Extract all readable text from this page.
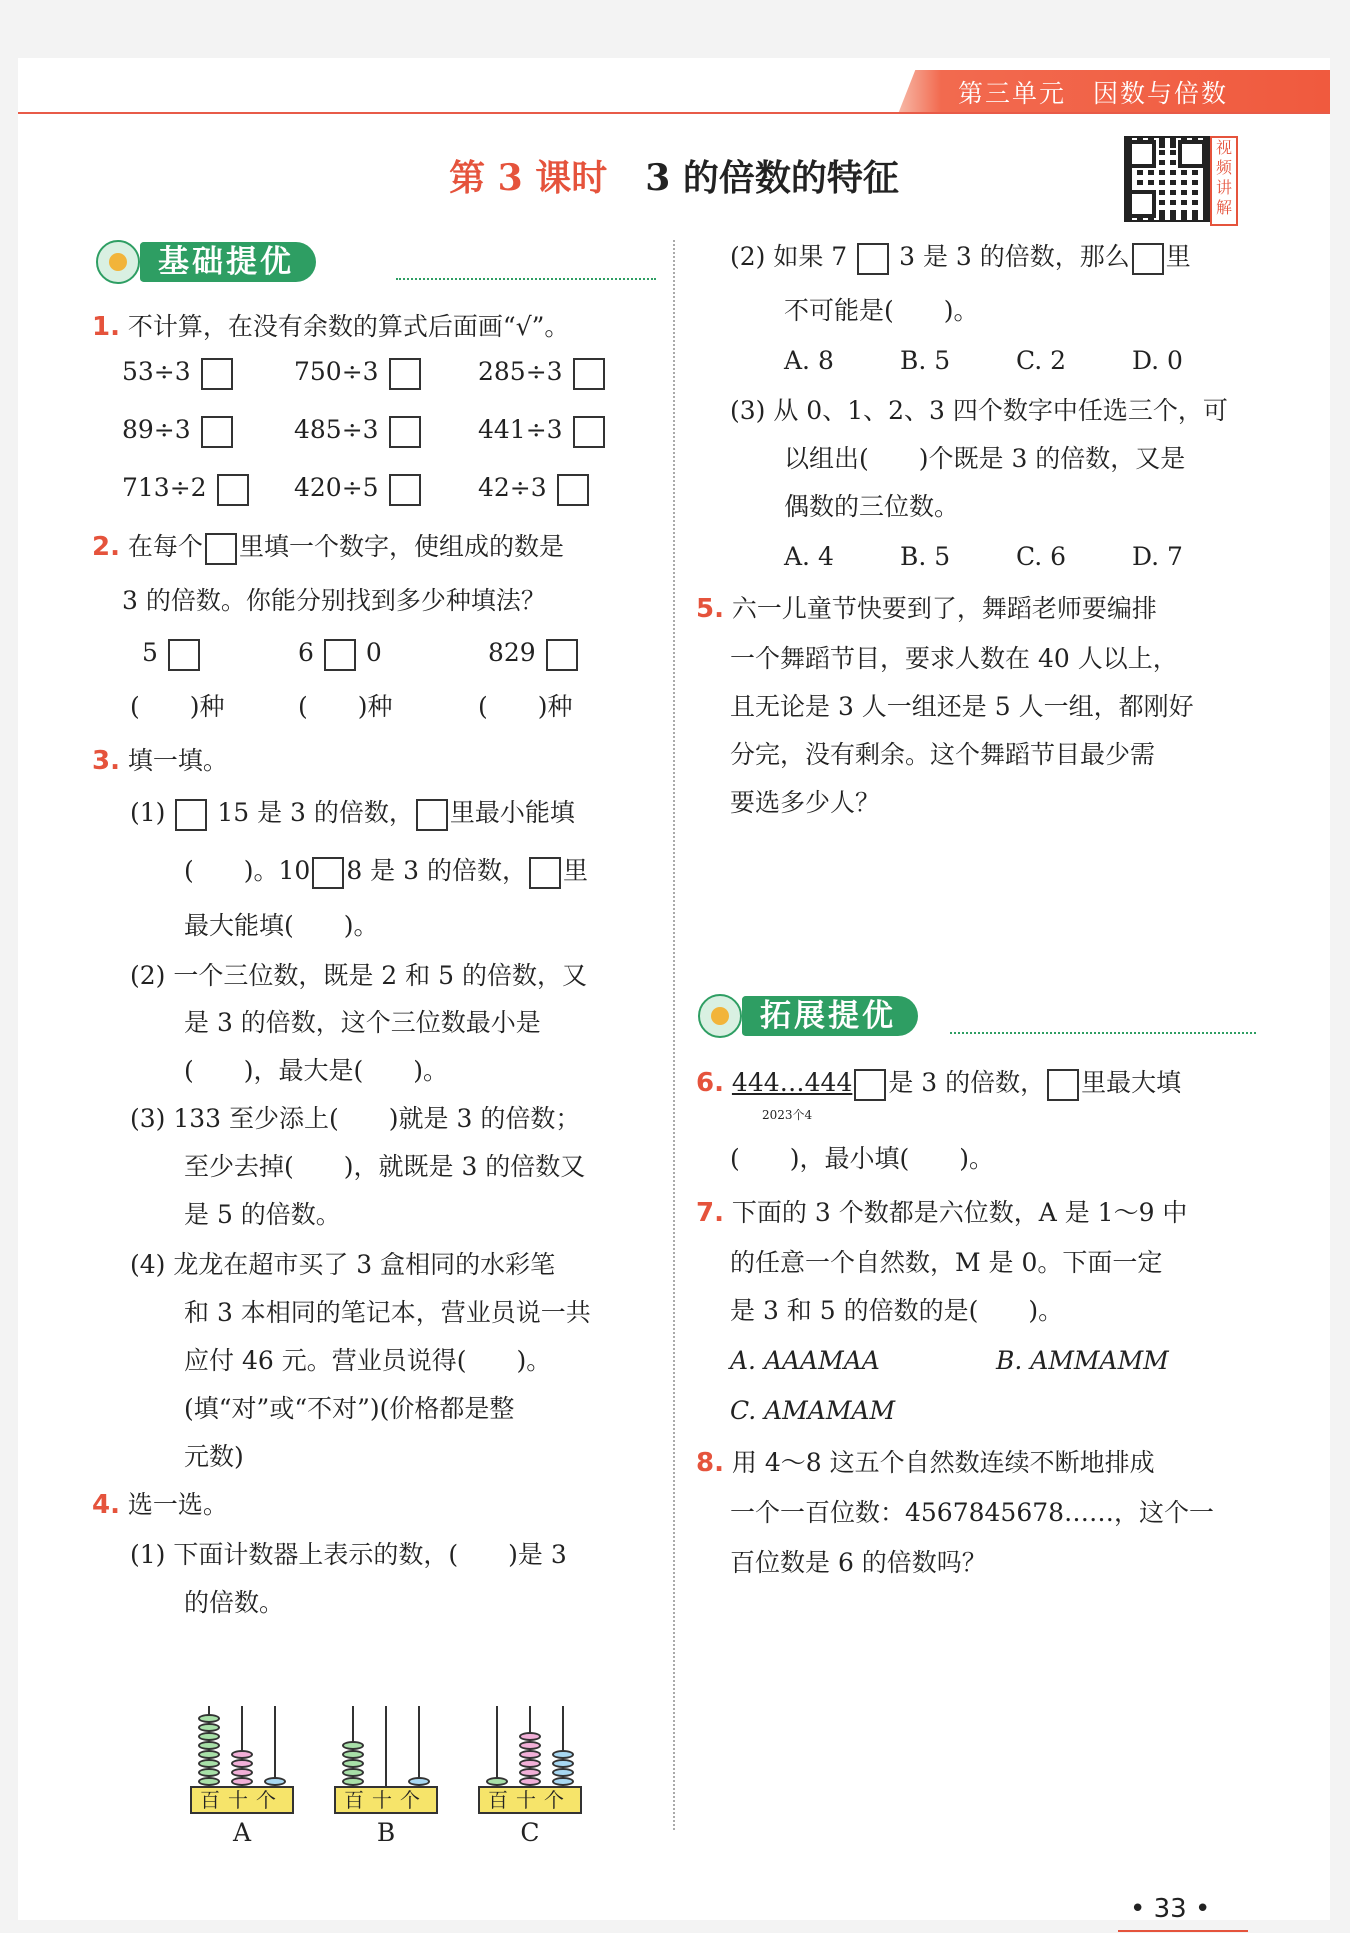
第三单元　因数与倍数
第 3 课时 3 的倍数的特征
视频讲解
基础提优
1. 不计算，在没有余数的算式后面画“√”。
53÷3	750÷3	285÷3
89÷3	485÷3	441÷3
713÷2	420÷5	42÷3
2. 在每个 里填一个数字，使组成的数是
3 的倍数。你能分别找到多少种填法？
5	6 0	829
(　　)种	(　　)种	(　　)种
3. 填一填。
(1) 15 是 3 的倍数， 里最小能填
(　　)。10 8 是 3 的倍数， 里
最大能填(　　)。
(2) 一个三位数，既是 2 和 5 的倍数，又
是 3 的倍数，这个三位数最小是
(　　)，最大是(　　)。
(3) 133 至少添上(　　)就是 3 的倍数；
至少去掉(　　)，就既是 3 的倍数又
是 5 的倍数。
(4) 龙龙在超市买了 3 盒相同的水彩笔
和 3 本相同的笔记本，营业员说一共
应付 46 元。营业员说得(　　)。
(填“对”或“不对”)(价格都是整
元数)
4. 选一选。
(1) 下面计数器上表示的数，(　　)是 3
的倍数。
百十个
A
百十个
B
百十个
C
(2) 如果 7 3 是 3 的倍数，那么 里
不可能是(　　)。
A. 8	B. 5	C. 2	D. 0
(3) 从 0、1、2、3 四个数字中任选三个，可
以组出(　　)个既是 3 的倍数，又是
偶数的三位数。
A. 4	B. 5	C. 6	D. 7
5. 六一儿童节快要到了，舞蹈老师要编排
一个舞蹈节目，要求人数在 40 人以上，
且无论是 3 人一组还是 5 人一组，都刚好
分完，没有剩余。这个舞蹈节目最少需
要选多少人？
拓展提优
6. 444…444 是 3 的倍数， 里最大填
2023个4
(　　)，最小填(　　)。
7. 下面的 3 个数都是六位数，A 是 1～9 中
的任意一个自然数，M 是 0。下面一定
是 3 和 5 的倍数的是(　　)。
A. AAAMAA	B. AMMAMM
C. AMAMAM
8. 用 4～8 这五个自然数连续不断地排成
一个一百位数：4567845678……，这个一
百位数是 6 的倍数吗？
• 33 •
